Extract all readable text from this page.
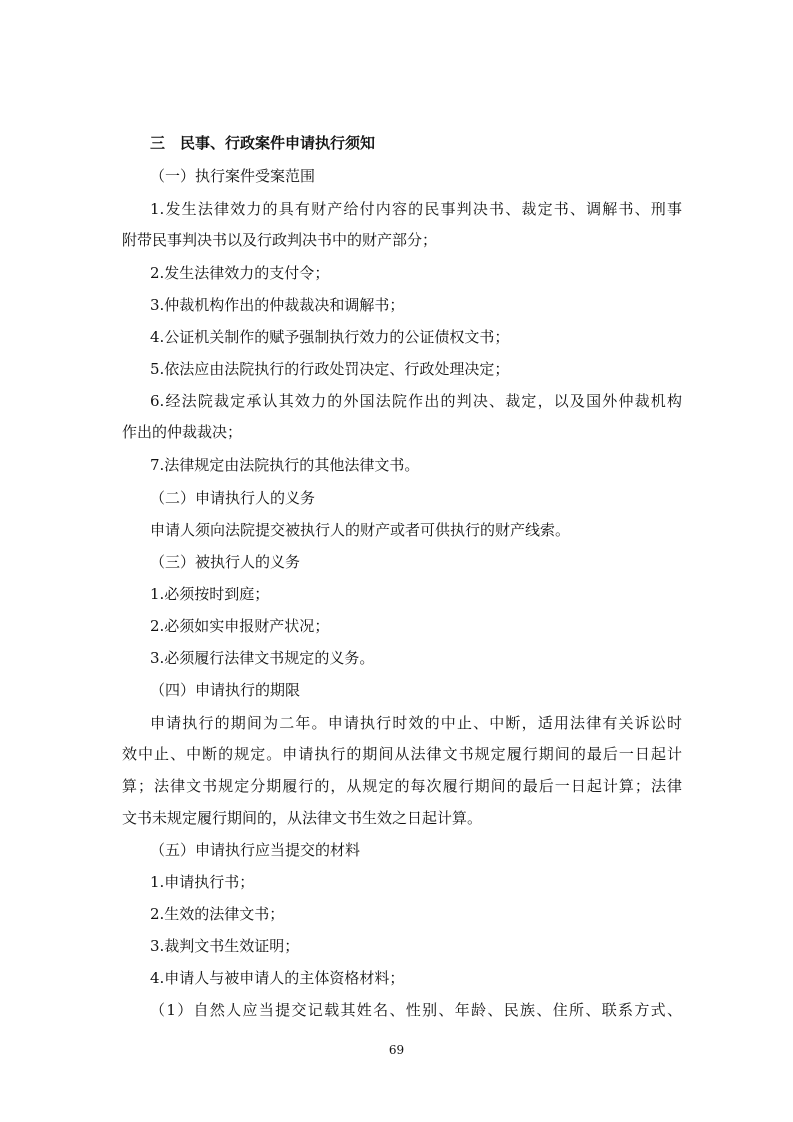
三　民事、行政案件申请执行须知
（一）执行案件受案范围
1.发生法律效力的具有财产给付内容的民事判决书、裁定书、调解书、刑事
附带民事判决书以及行政判决书中的财产部分；
2.发生法律效力的支付令；
3.仲裁机构作出的仲裁裁决和调解书；
4.公证机关制作的赋予强制执行效力的公证债权文书；
5.依法应由法院执行的行政处罚决定、行政处理决定；
6.经法院裁定承认其效力的外国法院作出的判决、裁定，以及国外仲裁机构
作出的仲裁裁决；
7.法律规定由法院执行的其他法律文书。
（二）申请执行人的义务
申请人须向法院提交被执行人的财产或者可供执行的财产线索。
（三）被执行人的义务
1.必须按时到庭；
2.必须如实申报财产状况；
3.必须履行法律文书规定的义务。
（四）申请执行的期限
申请执行的期间为二年。申请执行时效的中止、中断，适用法律有关诉讼时
效中止、中断的规定。申请执行的期间从法律文书规定履行期间的最后一日起计
算；法律文书规定分期履行的，从规定的每次履行期间的最后一日起计算；法律
文书未规定履行期间的，从法律文书生效之日起计算。
（五）申请执行应当提交的材料
1.申请执行书；
2.生效的法律文书；
3.裁判文书生效证明；
4.申请人与被申请人的主体资格材料；
（1）自然人应当提交记载其姓名、性别、年龄、民族、住所、联系方式、
69
